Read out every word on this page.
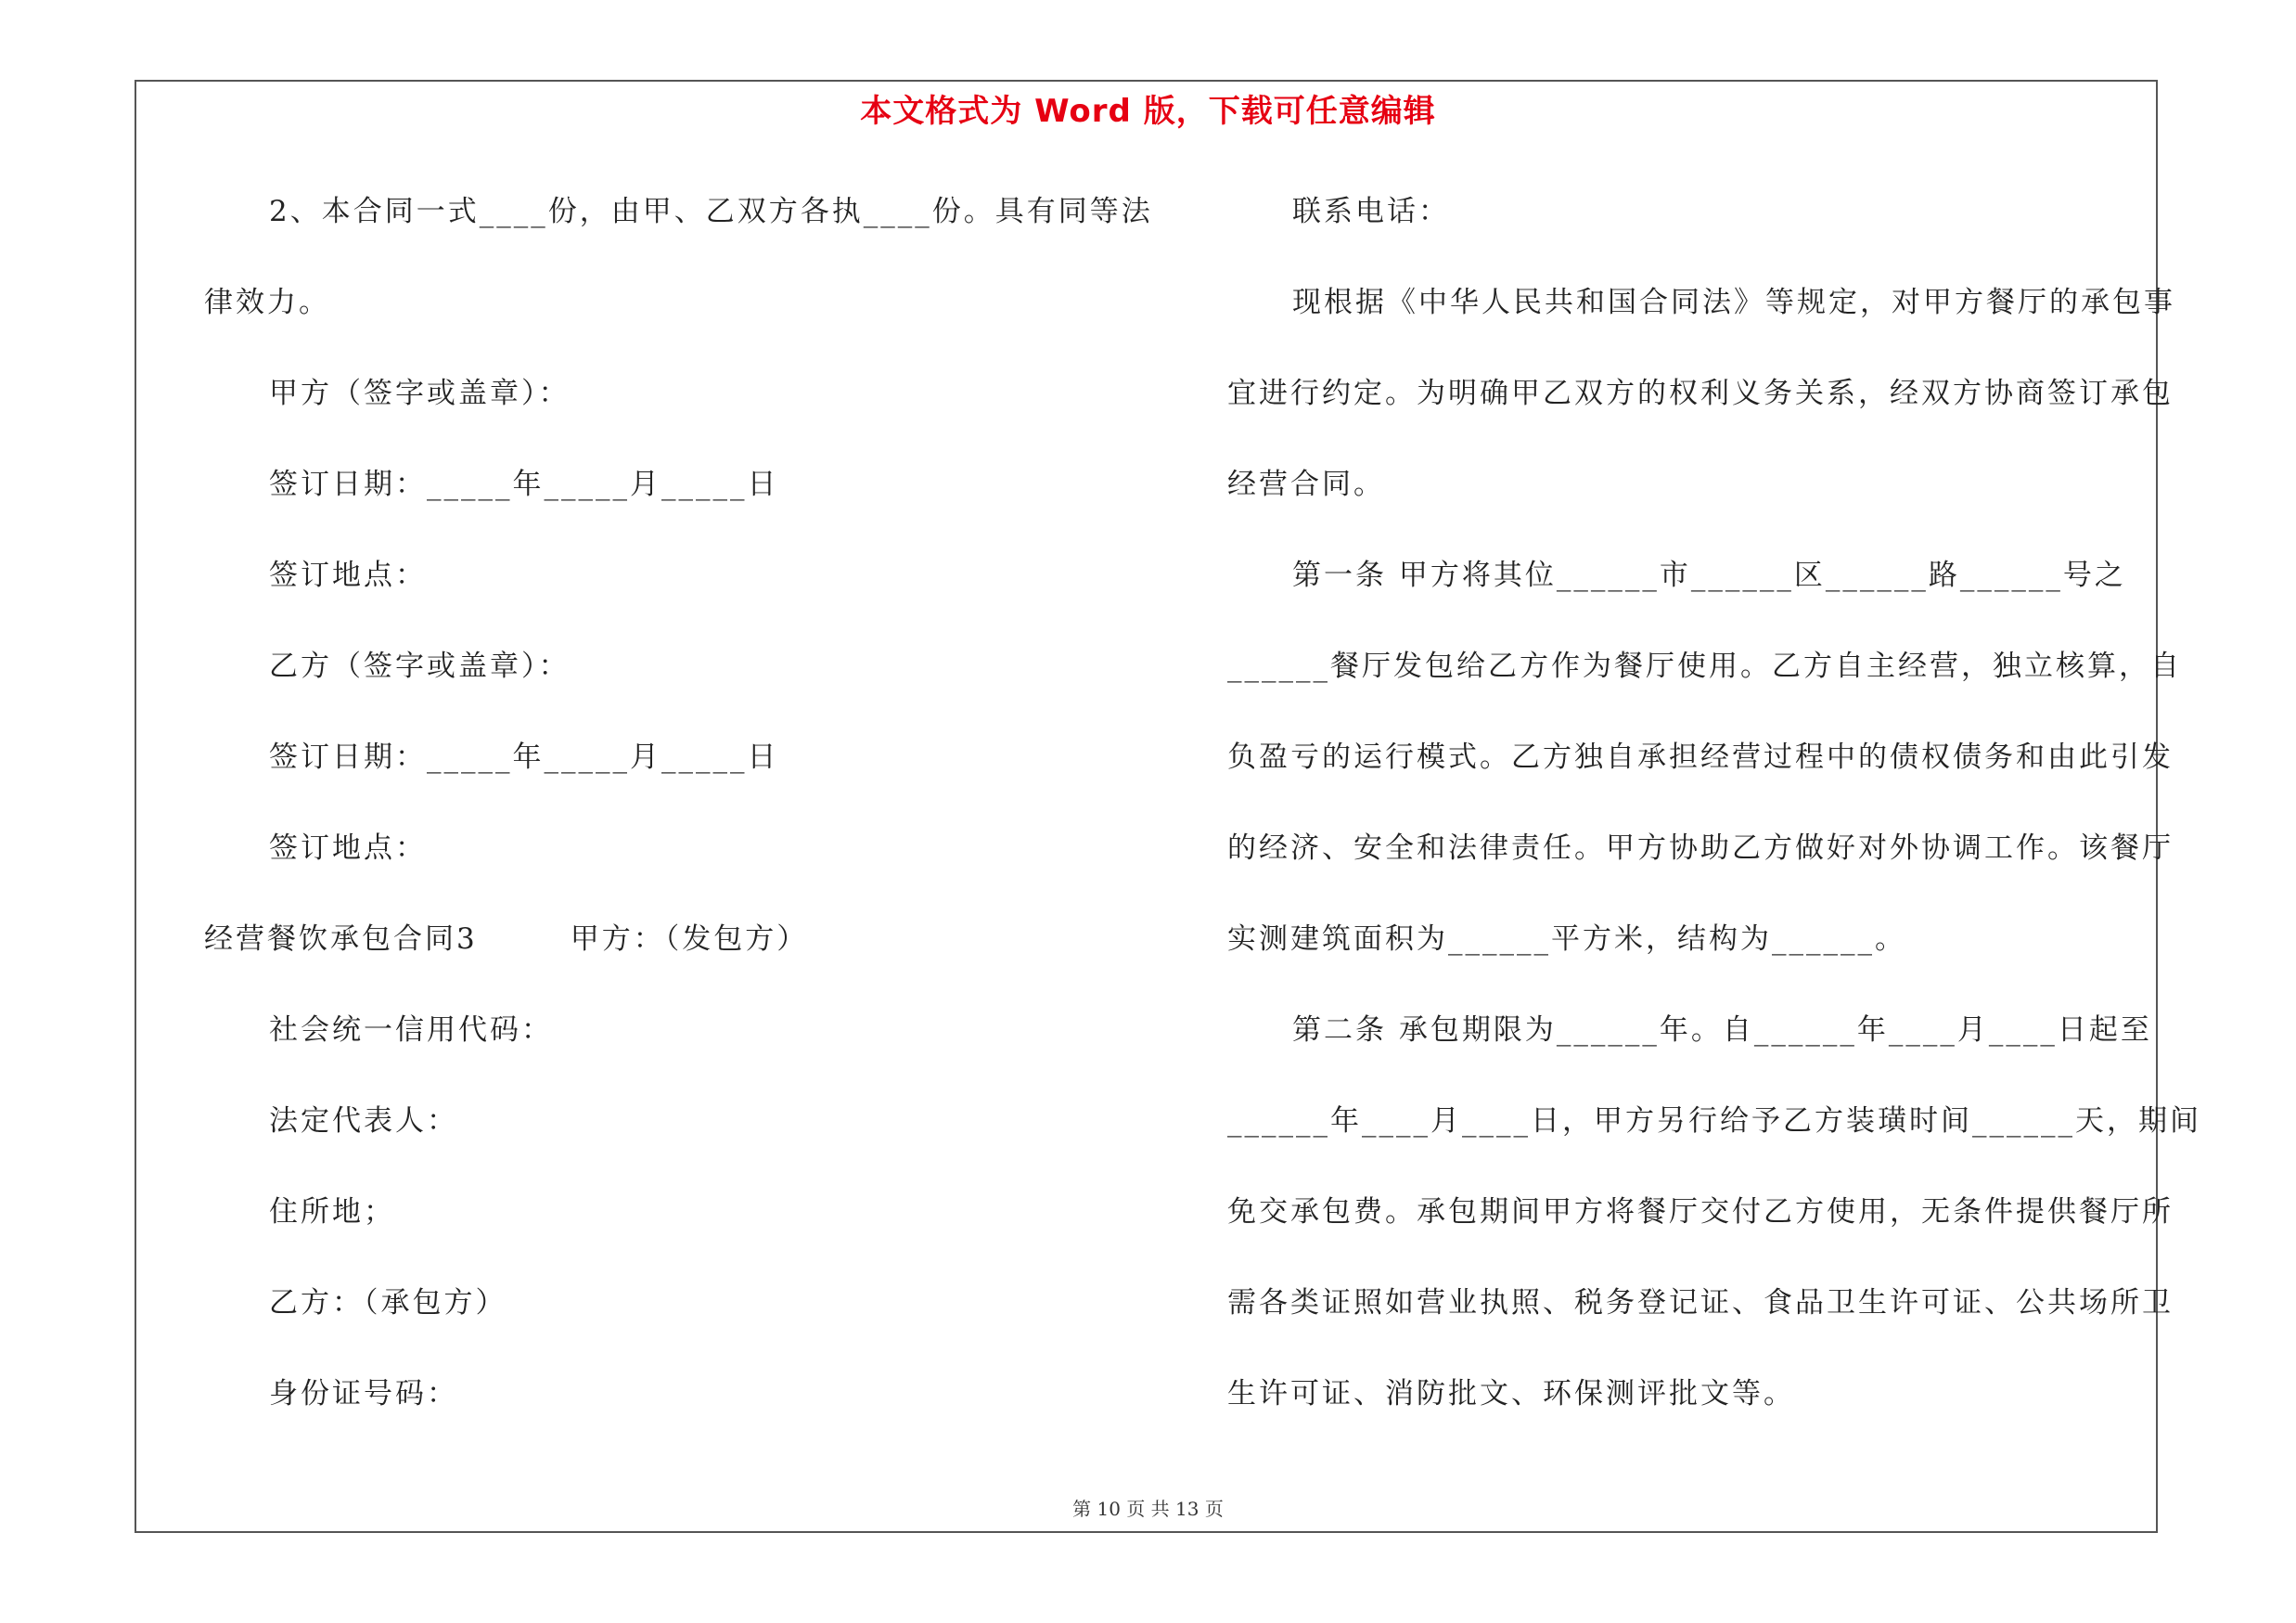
本文格式为 Word 版，下载可任意编辑
2、本合同一式____份，由甲、乙双方各执____份。具有同等法
律效力。
甲方（签字或盖章）：
签订日期：_____年_____月_____日
签订地点：
乙方（签字或盖章）：
签订日期：_____年_____月_____日
签订地点：
经营餐饮承包合同3	甲方：（发包方）
社会统一信用代码：
法定代表人：
住所地；
乙方：（承包方）
身份证号码：
联系电话：
现根据《中华人民共和国合同法》等规定，对甲方餐厅的承包事
宜进行约定。为明确甲乙双方的权利义务关系，经双方协商签订承包
经营合同。
第一条 甲方将其位______市______区______路______号之
______餐厅发包给乙方作为餐厅使用。乙方自主经营，独立核算，自
负盈亏的运行模式。乙方独自承担经营过程中的债权债务和由此引发
的经济、安全和法律责任。甲方协助乙方做好对外协调工作。该餐厅
实测建筑面积为______平方米，结构为______。
第二条 承包期限为______年。自______年____月____日起至
______年____月____日，甲方另行给予乙方装璜时间______天，期间
免交承包费。承包期间甲方将餐厅交付乙方使用，无条件提供餐厅所
需各类证照如营业执照、税务登记证、食品卫生许可证、公共场所卫
生许可证、消防批文、环保测评批文等。
第 10 页 共 13 页
